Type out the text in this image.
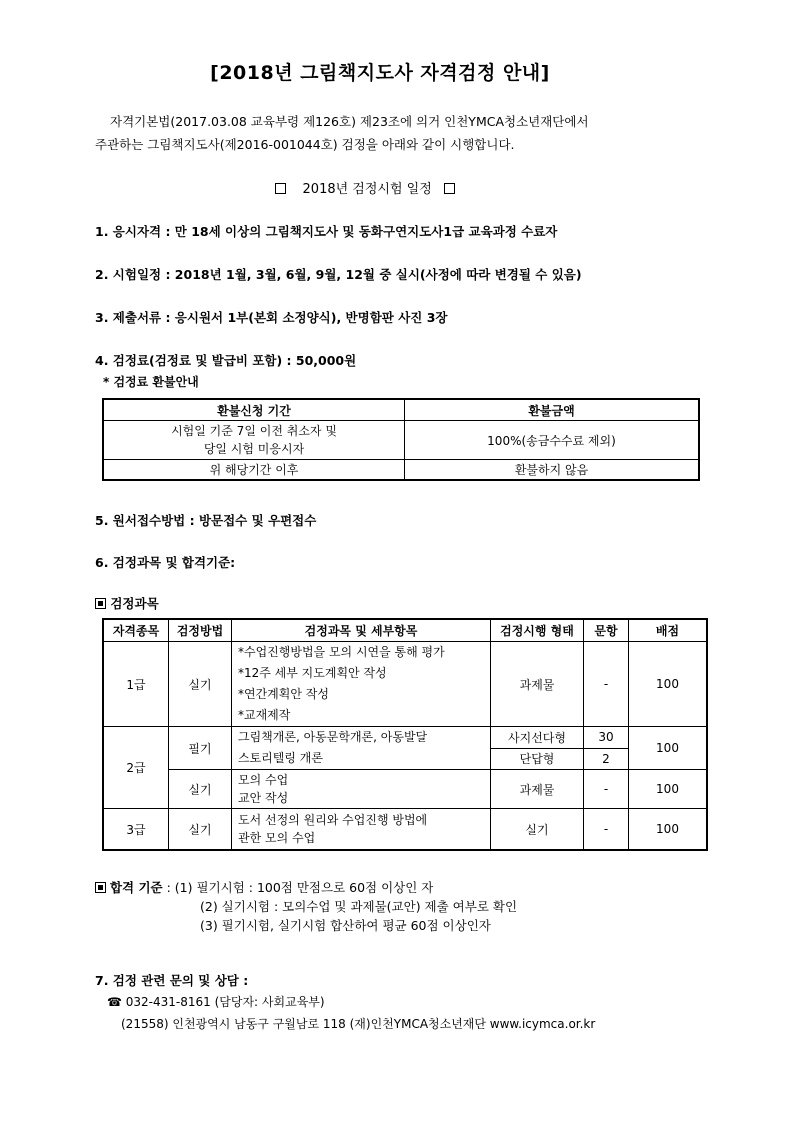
[2018년 그림책지도사 자격검정 안내]
자격기본법(2017.03.08 교육부령 제126호) 제23조에 의거 인천YMCA청소년재단에서
주관하는 그림책지도사(제2016-001044호) 검정을 아래와 같이 시행합니다.
2018년 검정시험 일정
1. 응시자격 : 만 18세 이상의 그림책지도사 및 동화구연지도사1급 교육과정 수료자
2. 시험일정 : 2018년 1월, 3월, 6월, 9월, 12월 중 실시(사정에 따라 변경될 수 있음)
3. 제출서류 : 응시원서 1부(본회 소정양식), 반명함판 사진 3장
4. 검정료(검정료 및 발급비 포함) : 50,000원
* 검정료 환불안내
환불신청 기간	환불금액

시험일 기준 7일 이전 취소자 및
당일 시험 미응시자	100%(송금수수료 제외)
위 해당기간 이후	환불하지 않음
5. 원서접수방법 : 방문접수 및 우편접수
6. 검정과목 및 합격기준:
검정과목
자격종목	검정방법	검정과목 및 세부항목	검정시행 형태	문항	배점
1급	실기	*수업진행방법을 모의 시연을 통해 평가
*12주 세부 지도계획안 작성
*연간계획안 작성
*교재제작	과제물	-	100
2급	필기	그림책개론, 아동문학개론, 아동발달
스토리텔링 개론	사지선다형	30	100
			단답형	2	
	실기	모의 수업
교안 작성	과제물	-	100
3급	실기	도서 선정의 원리와 수업진행 방법에
관한 모의 수업	실기	-	100
합격 기준 : (1) 필기시험 : 100점 만점으로 60점 이상인 자
(2) 실기시험 : 모의수업 및 과제물(교안) 제출 여부로 확인
(3) 필기시험, 실기시험 합산하여 평균 60점 이상인자
7. 검정 관련 문의 및 상담 :
☎ 032-431-8161 (담당자: 사회교육부)
(21558) 인천광역시 남동구 구월남로 118 (재)인천YMCA청소년재단 www.icymca.or.kr
